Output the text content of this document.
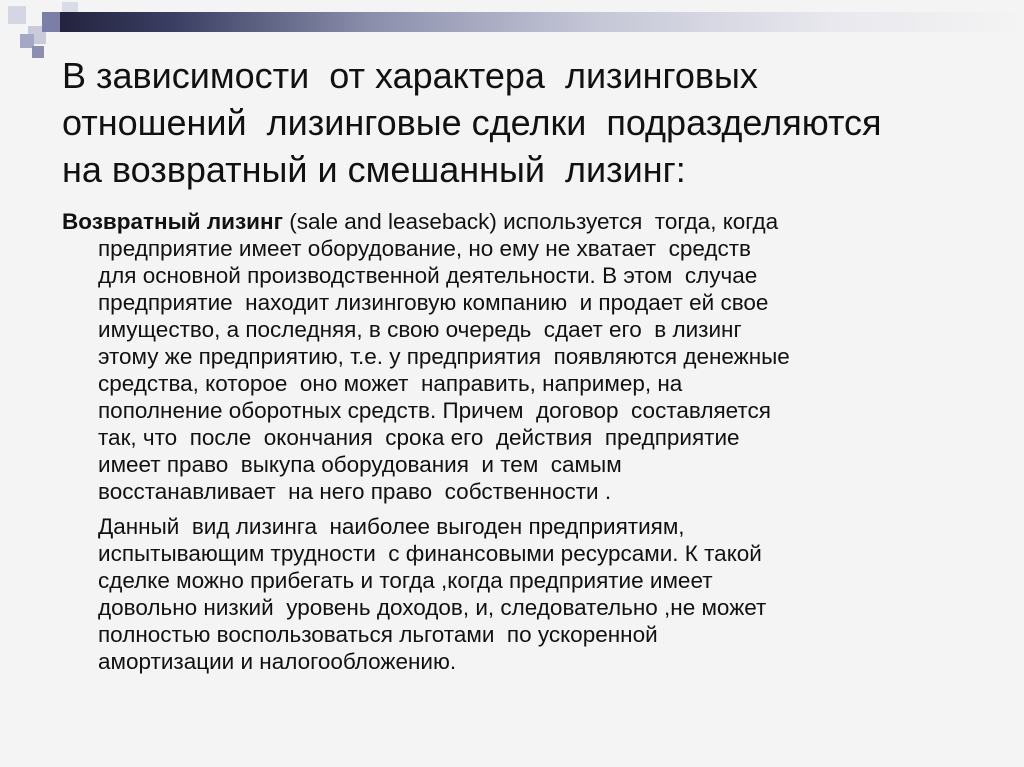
В зависимости  от характера  лизинговых
отношений  лизинговые сделки  подразделяются
на возвратный и смешанный  лизинг:
Возвратный лизинг (sale and leaseback) используется  тогда, когда
предприятие имеет оборудование, но ему не хватает  средств
для основной производственной деятельности. В этом  случае
предприятие  находит лизинговую компанию  и продает ей свое
имущество, а последняя, в свою очередь  сдает его  в лизинг
этому же предприятию, т.е. у предприятия  появляются денежные
средства, которое  оно может  направить, например, на
пополнение оборотных средств. Причем  договор  составляется
так, что  после  окончания  срока его  действия  предприятие
имеет право  выкупа оборудования  и тем  самым
восстанавливает  на него право  собственности .
Данный  вид лизинга  наиболее выгоден предприятиям,
испытывающим трудности  с финансовыми ресурсами. К такой
сделке можно прибегать и тогда ,когда предприятие имеет
довольно низкий  уровень доходов, и, следовательно ,не может
полностью воспользоваться льготами  по ускоренной
амортизации и налогообложению.
